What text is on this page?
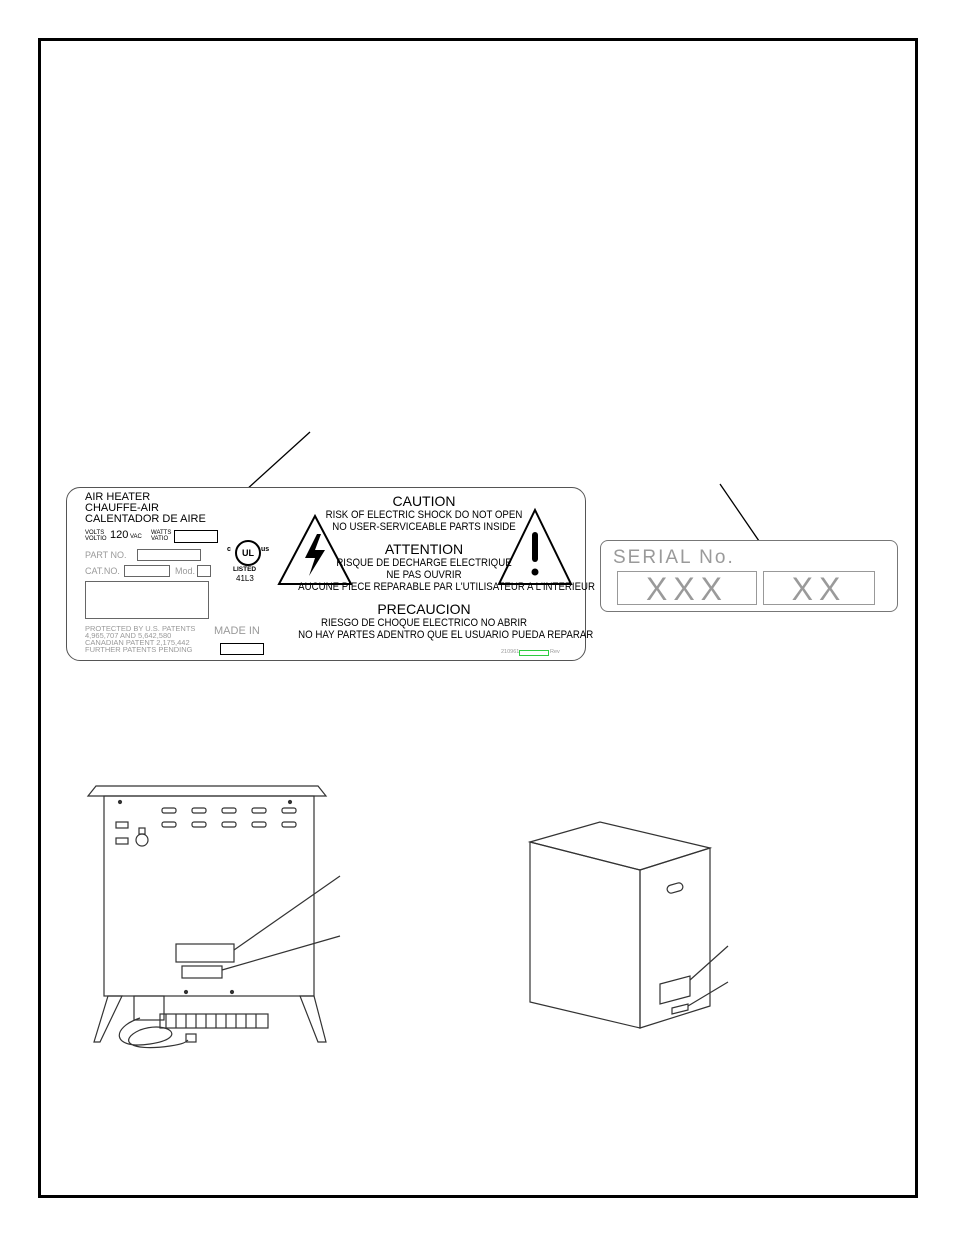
AIR HEATER
CHAUFFE-AIR
CALENTADOR DE AIRE
VOLTS
VOLTIO 120 VAC
WATTS
VATIO
PART NO.
CAT.NO.	Mod.
PROTECTED BY U.S. PATENTS
4,965,707 AND 5,642,580
CANADIAN PATENT 2,175,442
FURTHER PATENTS PENDING
MADE IN
UL
c	us
LISTED
41L3
CAUTION
RISK OF ELECTRIC SHOCK DO NOT OPEN
NO USER-SERVICEABLE PARTS INSIDE
ATTENTION
RISQUE DE DECHARGE ELECTRIQUE
NE PAS OUVRIR
AUCUNE PIECE REPARABLE PAR L'UTILISATEUR A L'INTERIEUR
PRECAUCION
RIESGO DE CHOQUE ELECTRICO NO ABRIR
NO HAY PARTES ADENTRO QUE EL USUARIO PUEDA REPARAR
210961	Rev
SERIAL No.
XXX	XX
